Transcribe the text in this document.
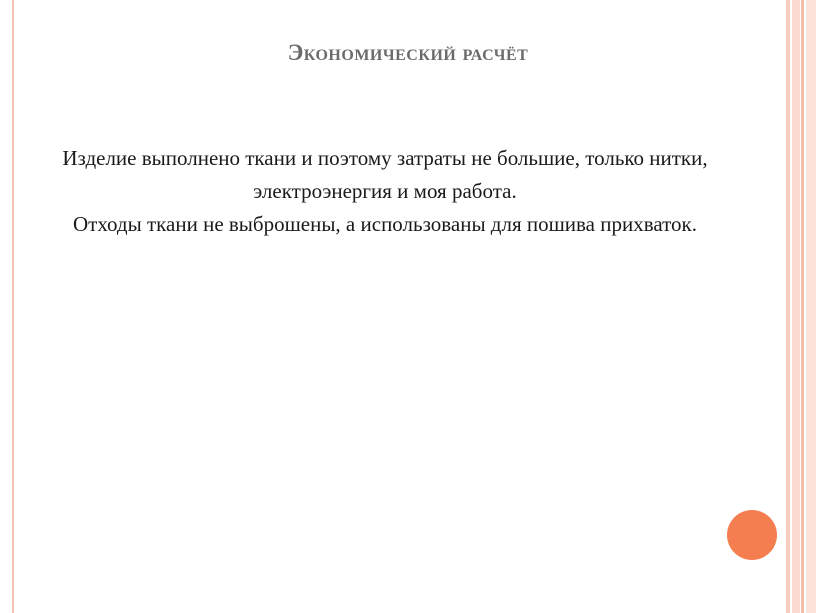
Экономический расчёт

Изделие выполнено ткани и поэтому затраты не большие, только нитки, электроэнергия и моя работа.

Отходы ткани не выброшены, а использованы для пошива прихваток.
